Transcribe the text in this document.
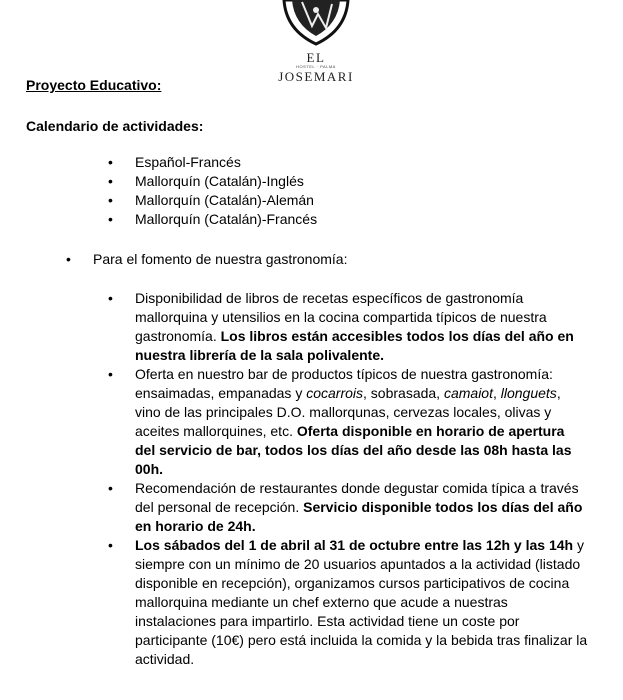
EL JOSEMARI
HOSTEL · PALMA
Proyecto Educativo:
Calendario de actividades:
• Español-Francés
• Mallorquín (Catalán)-Inglés
• Mallorquín (Catalán)-Alemán
• Mallorquín (Catalán)-Francés
• Para el fomento de nuestra gastronomía:
• Disponibilidad de libros de recetas específicos de gastronomía mallorquina y utensilios en la cocina compartida típicos de nuestra gastronomía. Los libros están accesibles todos los días del año en nuestra librería de la sala polivalente.
• Oferta en nuestro bar de productos típicos de nuestra gastronomía: ensaimadas, empanadas y cocarrois, sobrasada, camaiot, llonguets, vino de las principales D.O. mallorqunas, cervezas locales, olivas y aceites mallorquines, etc. Oferta disponible en horario de apertura del servicio de bar, todos los días del año desde las 08h hasta las 00h.
• Recomendación de restaurantes donde degustar comida típica a través del personal de recepción. Servicio disponible todos los días del año en horario de 24h.
• Los sábados del 1 de abril al 31 de octubre entre las 12h y las 14h y siempre con un mínimo de 20 usuarios apuntados a la actividad (listado disponible en recepción), organizamos cursos participativos de cocina mallorquina mediante un chef externo que acude a nuestras instalaciones para impartirlo. Esta actividad tiene un coste por participante (10€) pero está incluida la comida y la bebida tras finalizar la actividad.
